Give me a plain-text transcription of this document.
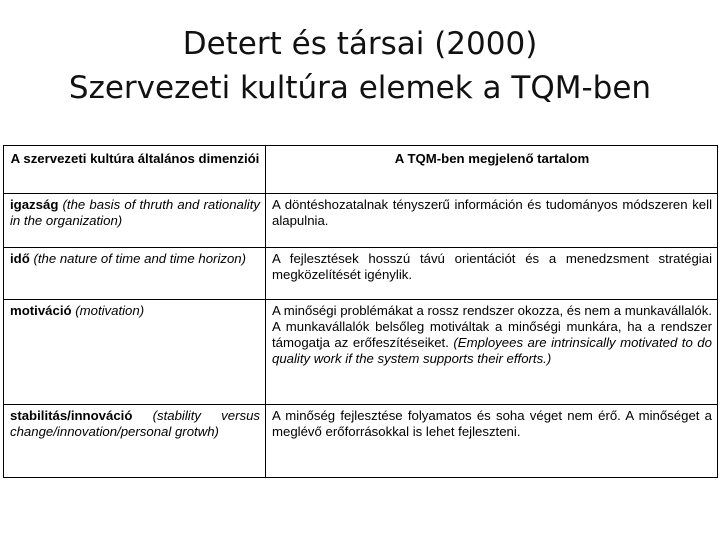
Detert és társai (2000)
Szervezeti kultúra elemek a TQM-ben
A szervezeti kultúra általános dimenziói	A TQM-ben megjelenő tartalom
igazság (the basis of thruth and rationality in the organization)	A döntéshozatalnak tényszerű információn és tudományos módszeren kell alapulnia.
idő (the nature of time and time horizon)	A fejlesztések hosszú távú orientációt és a menedzsment stratégiai megközelítését igénylik.
motiváció (motivation)	A minőségi problémákat a rossz rendszer okozza, és nem a munkavállalók. A munkavállalók belsőleg motiváltak a minőségi munkára, ha a rendszer támogatja az erőfeszítéseiket. (Employees are intrinsically motivated to do quality work if the system supports their efforts.)
stabilitás/innováció (stability versus change/innovation/personal grotwh)	A minőség fejlesztése folyamatos és soha véget nem érő. A minőséget a meglévő erőforrásokkal is lehet fejleszteni.
